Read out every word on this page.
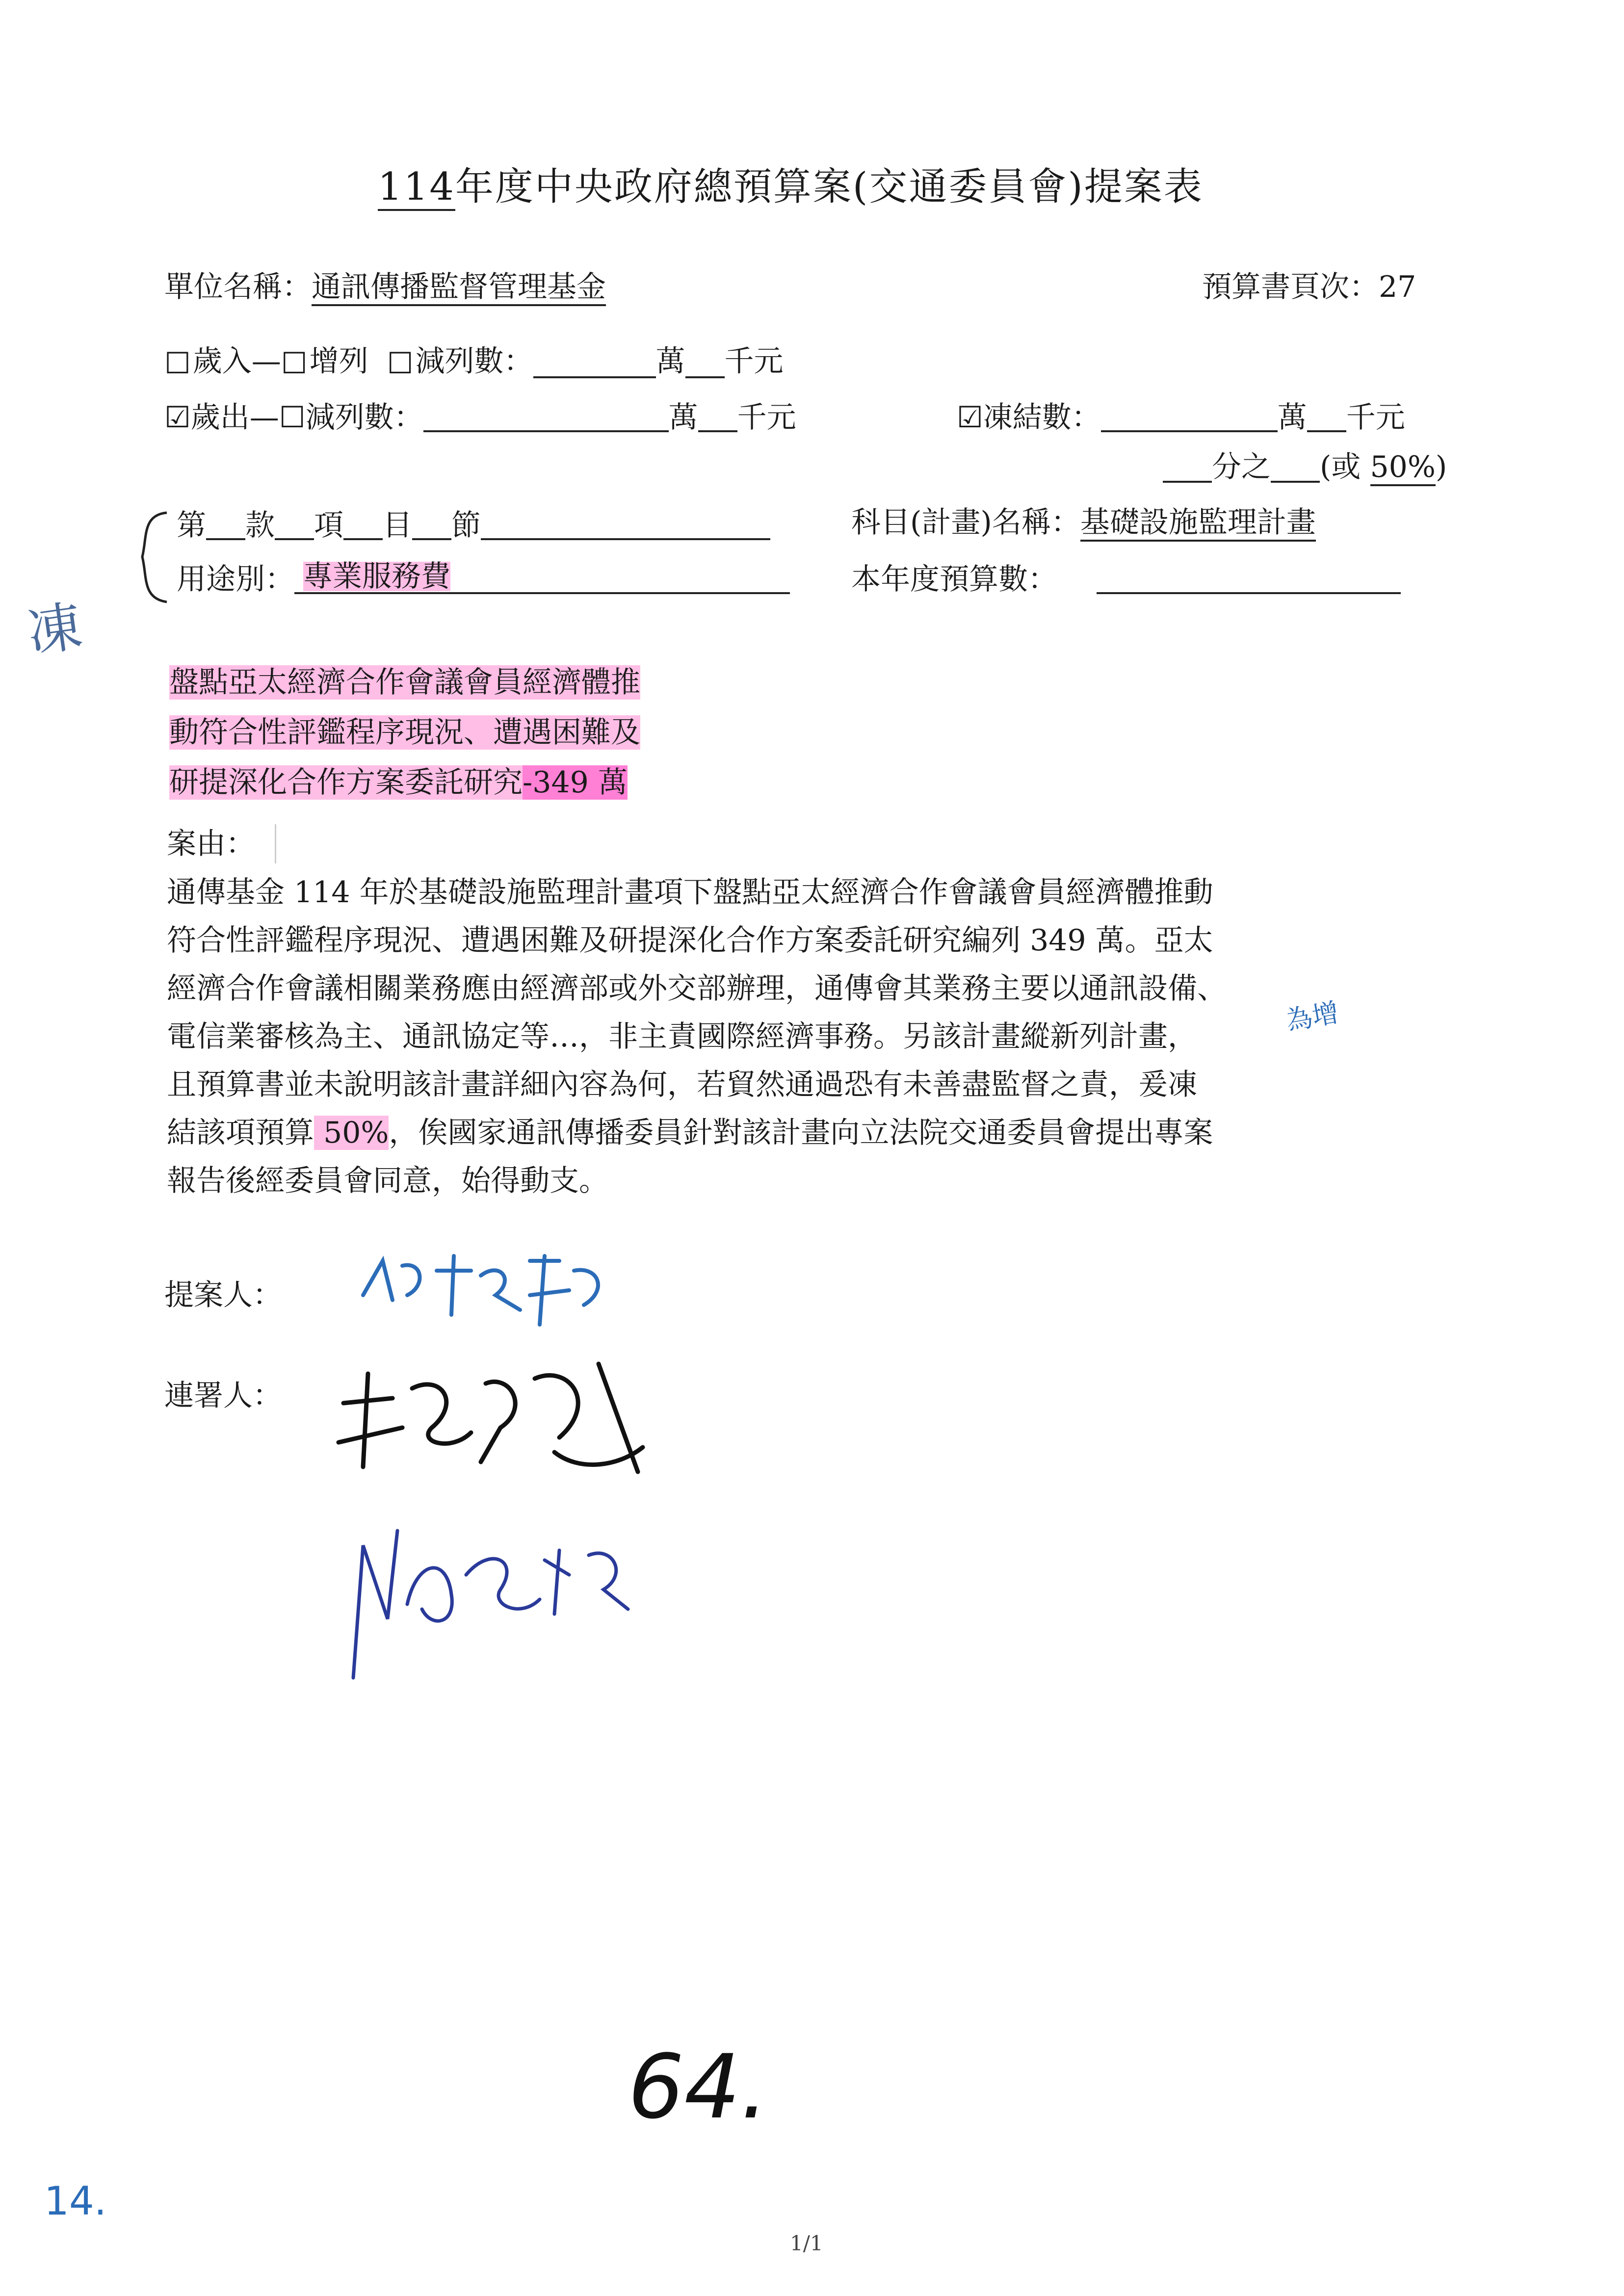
114年度中央政府總預算案(交通委員會)提案表
單位名稱：通訊傳播監督管理基金	預算書頁次：27
☐歲入—☐增列 ☐減列數：	萬 千元
☑歲出—☐減列數：	萬 千元	☑凍結數：	萬 千元
分之 (或 50%)
凍
第 款 項 目 節	科目(計畫)名稱：基礎設施監理計畫
用途別： 專業服務費	本年度預算數：
盤點亞太經濟合作會議會員經濟體推
動符合性評鑑程序現況、遭遇困難及
研提深化合作方案委託研究-349 萬
案由：

通傳基金 114 年於基礎設施監理計畫項下盤點亞太經濟合作會議會員經濟體推動

符合性評鑑程序現況、遭遇困難及研提深化合作方案委託研究編列 349 萬。亞太

經濟合作會議相關業務應由經濟部或外交部辦理，通傳會其業務主要以通訊設備、

電信業審核為主、通訊協定等…，非主責國際經濟事務。另該計畫縱新列計畫，

且預算書並未說明該計畫詳細內容為何，若貿然通過恐有未善盡監督之責，爰凍

結該項預算 50%，俟國家通訊傳播委員針對該計畫向立法院交通委員會提出專案

報告後經委員會同意，始得動支。

為增
提案人：
連署人：
64.
14.
1/1
